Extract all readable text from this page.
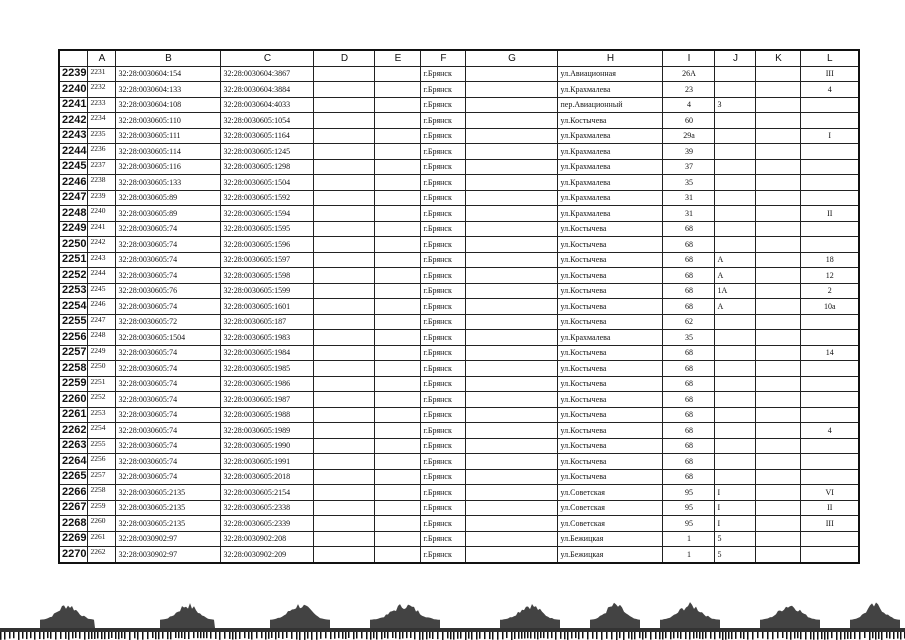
	A	B	C	D	E	F	G	H	I	J	K	L
2239	2231	32:28:0030604:154	32:28:0030604:3867			г.Брянск		ул.Авиационная	26А			III
2240	2232	32:28:0030604:133	32:28:0030604:3884			г.Брянск		ул.Крахмалева	23			4
2241	2233	32:28:0030604:108	32:28:0030604:4033			г.Брянск		пер.Авиационный	4	3		
2242	2234	32:28:0030605:110	32:28:0030605:1054			г.Брянск		ул.Костычева	60			
2243	2235	32:28:0030605:111	32:28:0030605:1164			г.Брянск		ул.Крахмалева	29а			I
2244	2236	32:28:0030605:114	32:28:0030605:1245			г.Брянск		ул.Крахмалева	39			
2245	2237	32:28:0030605:116	32:28:0030605:1298			г.Брянск		ул.Крахмалева	37			
2246	2238	32:28:0030605:133	32:28:0030605:1504			г.Брянск		ул.Крахмалева	35			
2247	2239	32:28:0030605:89	32:28:0030605:1592			г.Брянск		ул.Крахмалева	31			
2248	2240	32:28:0030605:89	32:28:0030605:1594			г.Брянск		ул.Крахмалева	31			II
2249	2241	32:28:0030605:74	32:28:0030605:1595			г.Брянск		ул.Костычева	68			
2250	2242	32:28:0030605:74	32:28:0030605:1596			г.Брянск		ул.Костычева	68			
2251	2243	32:28:0030605:74	32:28:0030605:1597			г.Брянск		ул.Костычева	68	А		18
2252	2244	32:28:0030605:74	32:28:0030605:1598			г.Брянск		ул.Костычева	68	А		12
2253	2245	32:28:0030605:76	32:28:0030605:1599			г.Брянск		ул.Костычева	68	1А		2
2254	2246	32:28:0030605:74	32:28:0030605:1601			г.Брянск		ул.Костычева	68	А		10а
2255	2247	32:28:0030605:72	32:28:0030605:187			г.Брянск		ул.Костычева	62			
2256	2248	32:28:0030605:1504	32:28:0030605:1983			г.Брянск		ул.Крахмалева	35			
2257	2249	32:28:0030605:74	32:28:0030605:1984			г.Брянск		ул.Костычева	68			14
2258	2250	32:28:0030605:74	32:28:0030605:1985			г.Брянск		ул.Костычева	68			
2259	2251	32:28:0030605:74	32:28:0030605:1986			г.Брянск		ул.Костычева	68			
2260	2252	32:28:0030605:74	32:28:0030605:1987			г.Брянск		ул.Костычева	68			
2261	2253	32:28:0030605:74	32:28:0030605:1988			г.Брянск		ул.Костычева	68			
2262	2254	32:28:0030605:74	32:28:0030605:1989			г.Брянск		ул.Костычева	68			4
2263	2255	32:28:0030605:74	32:28:0030605:1990			г.Брянск		ул.Костычева	68			
2264	2256	32:28:0030605:74	32:28:0030605:1991			г.Брянск		ул.Костычева	68			
2265	2257	32:28:0030605:74	32:28:0030605:2018			г.Брянск		ул.Костычева	68			
2266	2258	32:28:0030605:2135	32:28:0030605:2154			г.Брянск		ул.Советская	95	I		VI
2267	2259	32:28:0030605:2135	32:28:0030605:2338			г.Брянск		ул.Советская	95	I		II
2268	2260	32:28:0030605:2135	32:28:0030605:2339			г.Брянск		ул.Советская	95	I		III
2269	2261	32:28:0030902:97	32:28:0030902:208			г.Брянск		ул.Бежицкая	1	5		
2270	2262	32:28:0030902:97	32:28:0030902:209			г.Брянск		ул.Бежицкая	1	5		
